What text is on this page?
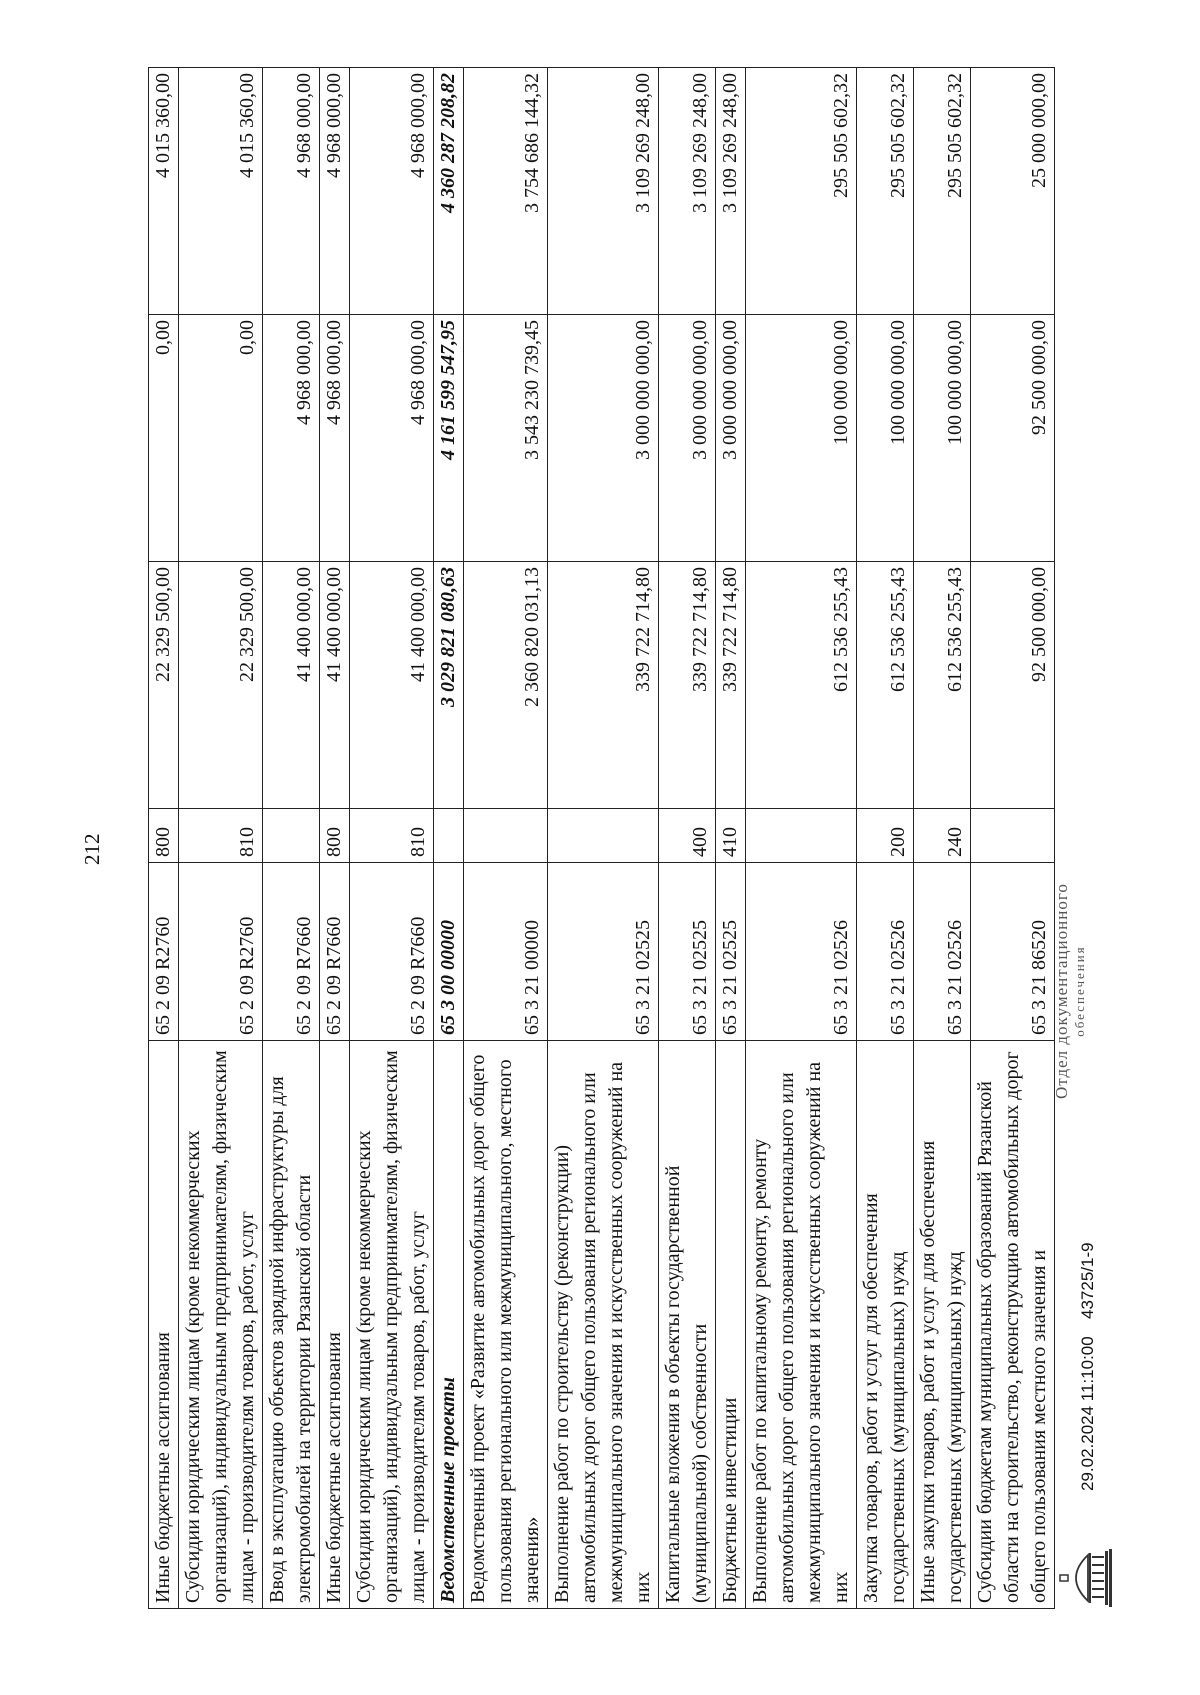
212
Иные бюджетные ассигнования	65 2 09 R2760	800	22 329 500,00	0,00	4 015 360,00
Субсидии юридическим лицам (кроме некоммерческих организаций), индивидуальным предпринимателям, физическим лицам - производителям товаров, работ, услуг	65 2 09 R2760	810	22 329 500,00	0,00	4 015 360,00
Ввод в эксплуатацию объектов зарядной инфраструктуры для электромобилей на территории Рязанской области	65 2 09 R7660		41 400 000,00	4 968 000,00	4 968 000,00
Иные бюджетные ассигнования	65 2 09 R7660	800	41 400 000,00	4 968 000,00	4 968 000,00
Субсидии юридическим лицам (кроме некоммерческих организаций), индивидуальным предпринимателям, физическим лицам - производителям товаров, работ, услуг	65 2 09 R7660	810	41 400 000,00	4 968 000,00	4 968 000,00
Ведомственные проекты	65 3 00 00000		3 029 821 080,63	4 161 599 547,95	4 360 287 208,82
Ведомственный проект «Развитие автомобильных дорог общего пользования регионального или межмуниципального, местного значения»	65 3 21 00000		2 360 820 031,13	3 543 230 739,45	3 754 686 144,32
Выполнение работ по строительству (реконструкции) автомобильных дорог общего пользования регионального или межмуниципального значения и искусственных сооружений на них	65 3 21 02525		339 722 714,80	3 000 000 000,00	3 109 269 248,00
Капитальные вложения в объекты государственной (муниципальной) собственности	65 3 21 02525	400	339 722 714,80	3 000 000 000,00	3 109 269 248,00
Бюджетные инвестиции	65 3 21 02525	410	339 722 714,80	3 000 000 000,00	3 109 269 248,00
Выполнение работ по капитальному ремонту, ремонту автомобильных дорог общего пользования регионального или межмуниципального значения и искусственных сооружений на них	65 3 21 02526		612 536 255,43	100 000 000,00	295 505 602,32
Закупка товаров, работ и услуг для обеспечения государственных (муниципальных) нужд	65 3 21 02526	200	612 536 255,43	100 000 000,00	295 505 602,32
Иные закупки товаров, работ и услуг для обеспечения государственных (муниципальных) нужд	65 3 21 02526	240	612 536 255,43	100 000 000,00	295 505 602,32
Субсидии бюджетам муниципальных образований Рязанской области на строительство, реконструкцию автомобильных дорог общего пользования местного значения и	65 3 21 86520		92 500 000,00	92 500 000,00	25 000 000,00
29.02.2024 11:10:00
43725/1-9
Отдел документационного обеспечения
